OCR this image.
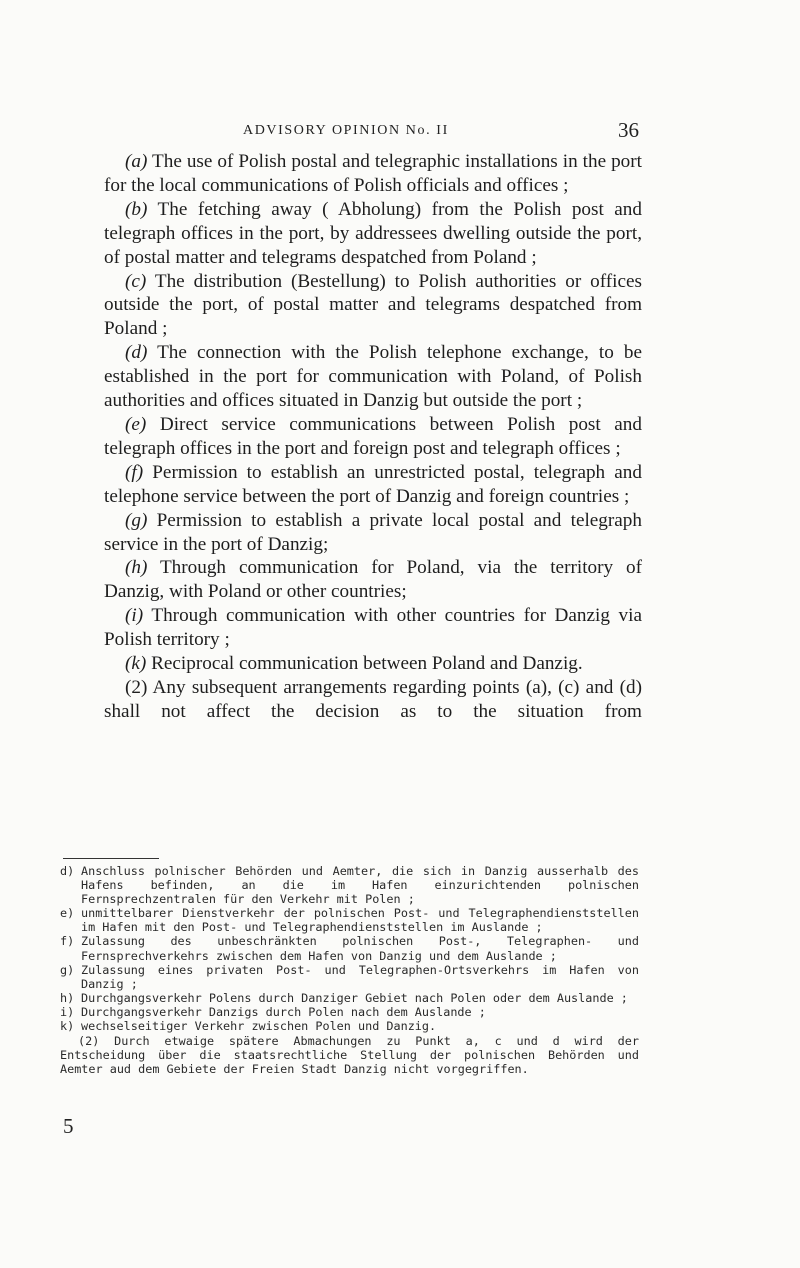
ADVISORY OPINION No. II	36

(a) The use of Polish postal and telegraphic installations in the port for the local communications of Polish officials and offices ;

(b) The fetching away ( Abholung) from the Polish post and telegraph offices in the port, by addressees dwelling outside the port, of postal matter and telegrams despatched from Poland ;

(c) The distribution (Bestellung) to Polish authorities or offices outside the port, of postal matter and telegrams despatched from Poland ;

(d) The connection with the Polish telephone exchange, to be established in the port for communication with Poland, of Polish authorities and offices situated in Danzig but outside the port ;

(e) Direct service communications between Polish post and telegraph offices in the port and foreign post and telegraph offices ;

(f) Permission to establish an unrestricted postal, telegraph and telephone service between the port of Danzig and foreign countries ;

(g) Permission to establish a private local postal and telegraph service in the port of Danzig;

(h) Through communication for Poland, via the territory of Danzig, with Poland or other countries;

(i) Through communication with other countries for Danzig via Polish territory ;

(k) Reciprocal communication between Poland and Danzig.

(2) Any subsequent arrangements regarding points (a), (c) and (d) shall not affect the decision as to the situation from

d) Anschluss polnischer Behörden und Aemter, die sich in Danzig ausserhalb des Hafens befinden, an die im Hafen einzurichtenden polnischen Fernsprechzentralen für den Verkehr mit Polen ;
e) unmittelbarer Dienstverkehr der polnischen Post- und Telegraphendienststellen im Hafen mit den Post- und Telegraphendienststellen im Auslande ;
f) Zulassung des unbeschränkten polnischen Post-, Telegraphen- und Fernsprechverkehrs zwischen dem Hafen von Danzig und dem Auslande ;
g) Zulassung eines privaten Post- und Telegraphen-Ortsverkehrs im Hafen von Danzig ;
h) Durchgangsverkehr Polens durch Danziger Gebiet nach Polen oder dem Auslande ;
i) Durchgangsverkehr Danzigs durch Polen nach dem Auslande ;
k) wechselseitiger Verkehr zwischen Polen und Danzig.
(2) Durch etwaige spätere Abmachungen zu Punkt a, c und d wird der Entscheidung über die staatsrechtliche Stellung der polnischen Behörden und Aemter aud dem Gebiete der Freien Stadt Danzig nicht vorgegriffen.
5
